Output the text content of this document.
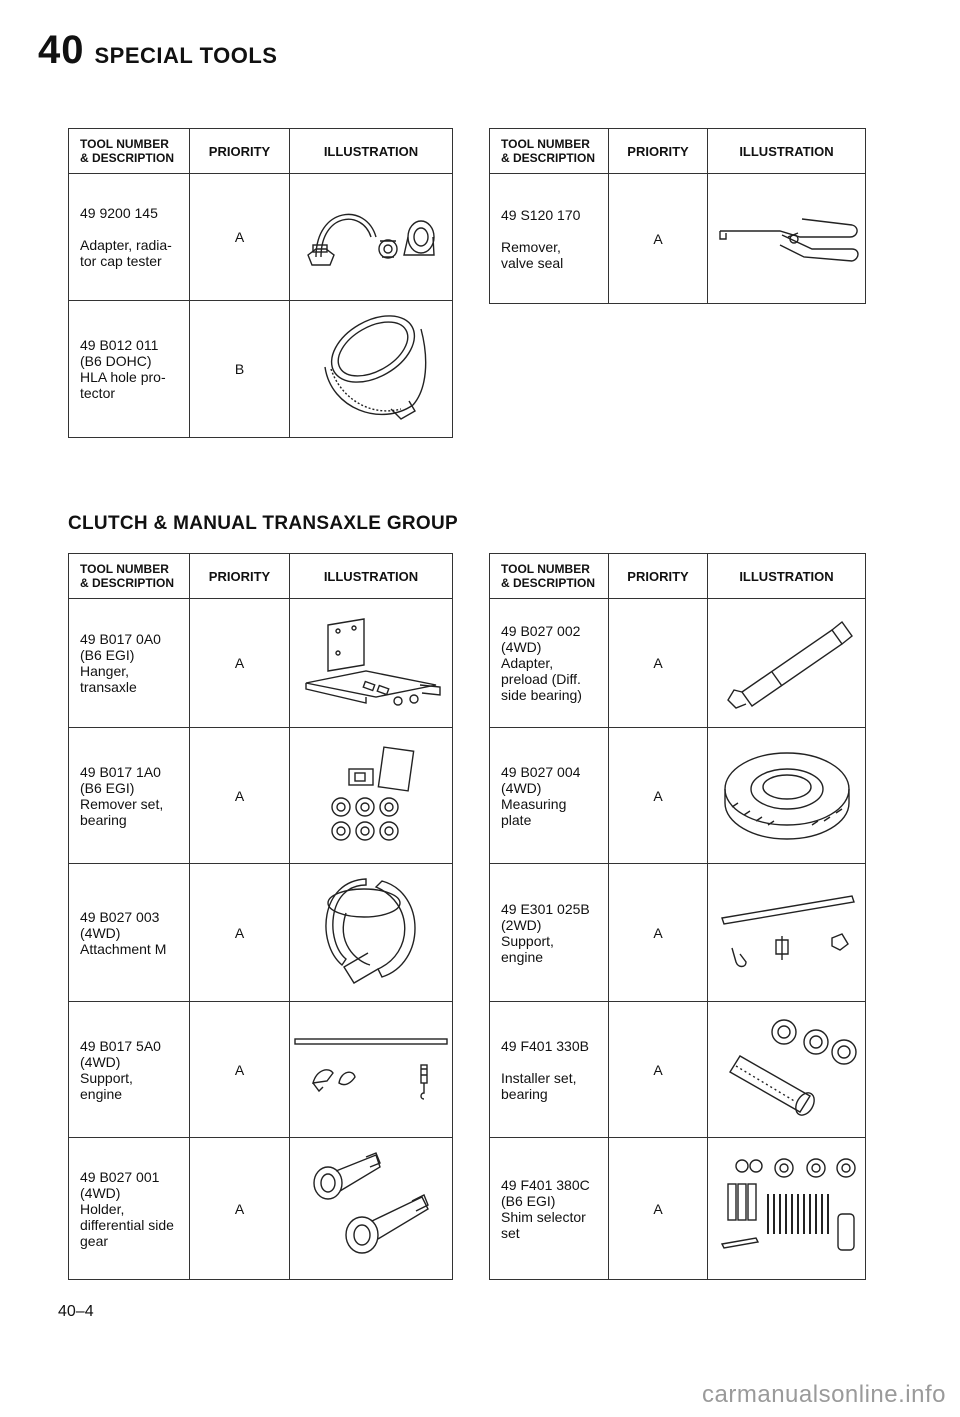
40 SPECIAL TOOLS
TOOL NUMBER
& DESCRIPTION	PRIORITY	ILLUSTRATION

49 9200 145
Adapter, radia-
tor cap tester	A	

49 B012 011
(B6 DOHC)
HLA hole pro-
tector	B	
TOOL NUMBER
& DESCRIPTION	PRIORITY	ILLUSTRATION

49 S120 170
Remover,
valve seal	A	
CLUTCH & MANUAL TRANSAXLE GROUP
TOOL NUMBER
& DESCRIPTION	PRIORITY	ILLUSTRATION

49 B017 0A0
(B6 EGI)
Hanger,
transaxle	A	

49 B017 1A0
(B6 EGI)
Remover set,
bearing	A	

49 B027 003
(4WD)
Attachment M	A	

49 B017 5A0
(4WD)
Support,
engine	A	

49 B027 001
(4WD)
Holder,
differential side
gear	A	
TOOL NUMBER
& DESCRIPTION	PRIORITY	ILLUSTRATION

49 B027 002
(4WD)
Adapter,
preload (Diff.
side bearing)	A	

49 B027 004
(4WD)
Measuring
plate	A	

49 E301 025B
(2WD)
Support,
engine	A	

49 F401 330B
Installer set,
bearing	A	

49 F401 380C
(B6 EGI)
Shim selector
set	A	
40–4
carmanualsonline.info
